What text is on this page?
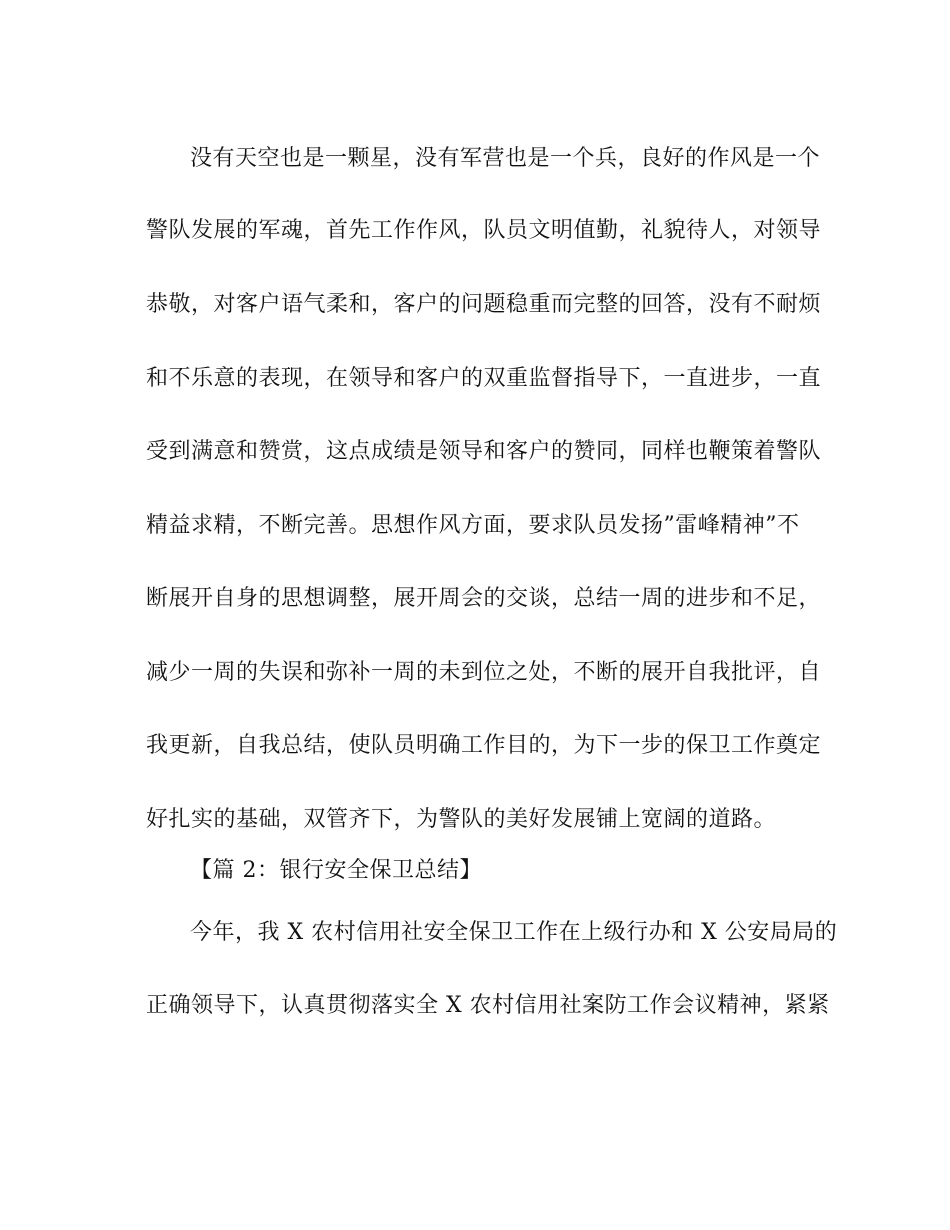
没有天空也是一颗星，没有军营也是一个兵，良好的作风是一个
警队发展的军魂，首先工作作风，队员文明值勤，礼貌待人，对领导
恭敬，对客户语气柔和，客户的问题稳重而完整的回答，没有不耐烦
和不乐意的表现，在领导和客户的双重监督指导下，一直进步，一直
受到满意和赞赏，这点成绩是领导和客户的赞同，同样也鞭策着警队
精益求精，不断完善。思想作风方面，要求队员发扬”雷峰精神”不
断展开自身的思想调整，展开周会的交谈，总结一周的进步和不足，
减少一周的失误和弥补一周的未到位之处，不断的展开自我批评，自
我更新，自我总结，使队员明确工作目的，为下一步的保卫工作奠定
好扎实的基础，双管齐下，为警队的美好发展铺上宽阔的道路。
【篇 2：银行安全保卫总结】
今年，我 X 农村信用社安全保卫工作在上级行办和 X 公安局局的
正确领导下，认真贯彻落实全 X 农村信用社案防工作会议精神，紧紧
